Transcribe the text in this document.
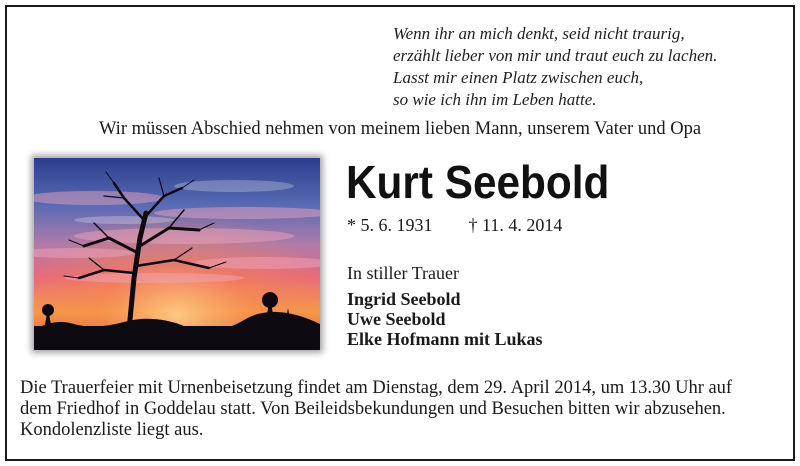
Wenn ihr an mich denkt, seid nicht traurig,
erzählt lieber von mir und traut euch zu lachen.
Lasst mir einen Platz zwischen euch,
so wie ich ihn im Leben hatte.
Wir müssen Abschied nehmen von meinem lieben Mann, unserem Vater und Opa
Kurt Seebold
* 5. 6. 1931 † 11. 4. 2014
In stiller Trauer
Ingrid Seebold
Uwe Seebold
Elke Hofmann mit Lukas
Die Trauerfeier mit Urnenbeisetzung findet am Dienstag, dem 29. April 2014, um 13.30 Uhr auf
dem Friedhof in Goddelau statt. Von Beileidsbekundungen und Besuchen bitten wir abzusehen.
Kondolenzliste liegt aus.
